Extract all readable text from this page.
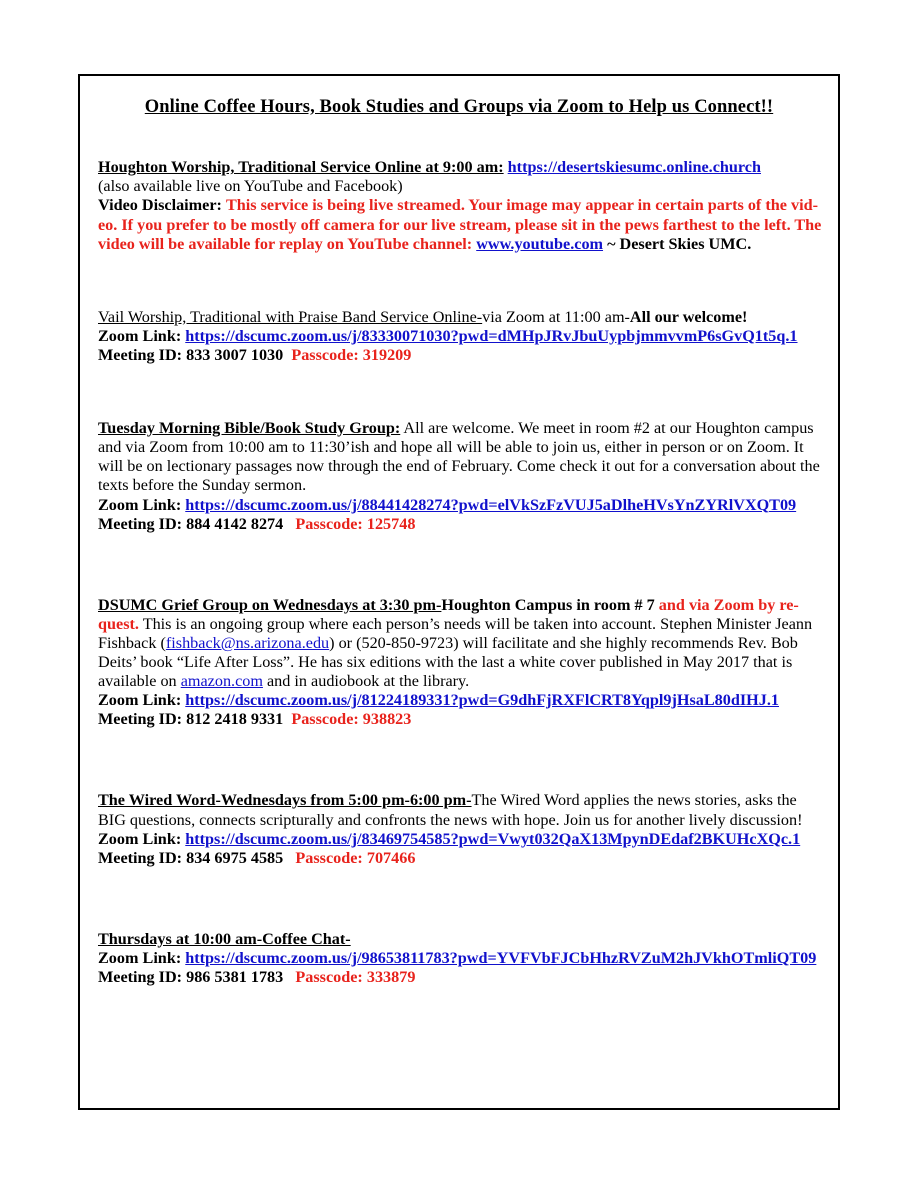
Online Coffee Hours, Book Studies and Groups via Zoom to Help us Connect!!

Houghton Worship, Traditional Service Online at 9:00 am: https://desertskiesumc.online.church

(also available live on YouTube and Facebook)

Video Disclaimer: This service is being live streamed. Your image may appear in certain parts of the vid-eo. If you prefer to be mostly off camera for our live stream, please sit in the pews farthest to the left. The video will be available for replay on YouTube channel: www.youtube.com ~ Desert Skies UMC.

Vail Worship, Traditional with Praise Band Service Online-via Zoom at 11:00 am-All our welcome!

Zoom Link: https://dscumc.zoom.us/j/83330071030?pwd=dMHpJRvJbuUypbjmmvvmP6sGvQ1t5q.1

Meeting ID: 833 3007 1030 Passcode: 319209

Tuesday Morning Bible/Book Study Group: All are welcome. We meet in room #2 at our Houghton campus and via Zoom from 10:00 am to 11:30’ish and hope all will be able to join us, either in person or on Zoom. It will be on lectionary passages now through the end of February. Come check it out for a conversation about the texts before the Sunday sermon.

Zoom Link: https://dscumc.zoom.us/j/88441428274?pwd=elVkSzFzVUJ5aDlheHVsYnZYRlVXQT09

Meeting ID: 884 4142 8274 Passcode: 125748

DSUMC Grief Group on Wednesdays at 3:30 pm-Houghton Campus in room # 7 and via Zoom by re-quest. This is an ongoing group where each person’s needs will be taken into account. Stephen Minister Jeann Fishback (fishback@ns.arizona.edu) or (520-850-9723) will facilitate and she highly recommends Rev. Bob Deits’ book “Life After Loss”. He has six editions with the last a white cover published in May 2017 that is available on amazon.com and in audiobook at the library.

Zoom Link: https://dscumc.zoom.us/j/81224189331?pwd=G9dhFjRXFlCRT8Yqpl9jHsaL80dIHJ.1

Meeting ID: 812 2418 9331 Passcode: 938823

The Wired Word-Wednesdays from 5:00 pm-6:00 pm-The Wired Word applies the news stories, asks the BIG questions, connects scripturally and confronts the news with hope. Join us for another lively discussion!

Zoom Link: https://dscumc.zoom.us/j/83469754585?pwd=Vwyt032QaX13MpynDEdaf2BKUHcXQc.1

Meeting ID: 834 6975 4585 Passcode: 707466

Thursdays at 10:00 am-Coffee Chat-

Zoom Link: https://dscumc.zoom.us/j/98653811783?pwd=YVFVbFJCbHhzRVZuM2hJVkhOTmliQT09

Meeting ID: 986 5381 1783 Passcode: 333879
